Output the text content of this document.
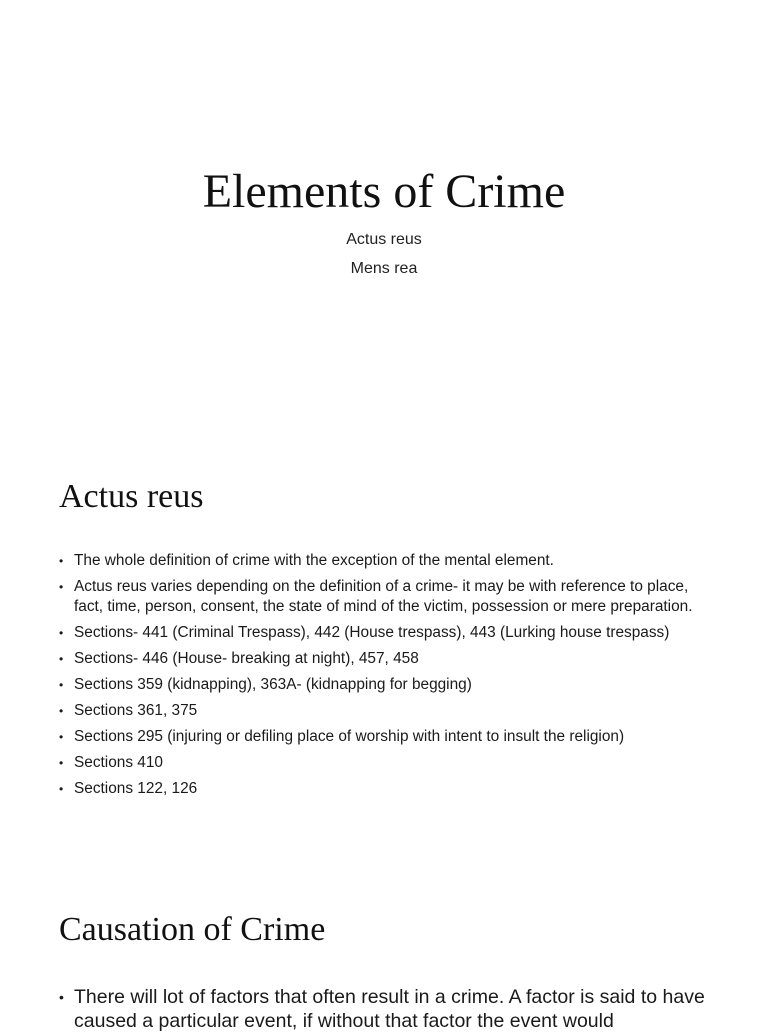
Elements of Crime
Actus reus
Mens rea
Actus reus
• The whole definition of crime with the exception of the mental element.
• Actus reus varies depending on the definition of a crime- it may be with reference to place, fact, time, person, consent, the state of mind of the victim, possession or mere preparation.
• Sections- 441 (Criminal Trespass), 442 (House trespass), 443 (Lurking house trespass)
• Sections- 446 (House- breaking at night), 457, 458
• Sections 359 (kidnapping), 363A- (kidnapping for begging)
• Sections 361, 375
• Sections 295 (injuring or defiling place of worship with intent to insult the religion)
• Sections 410
• Sections 122, 126
Causation of Crime
• There will lot of factors that often result in a crime. A factor is said to have caused a particular event, if without that factor the event would
